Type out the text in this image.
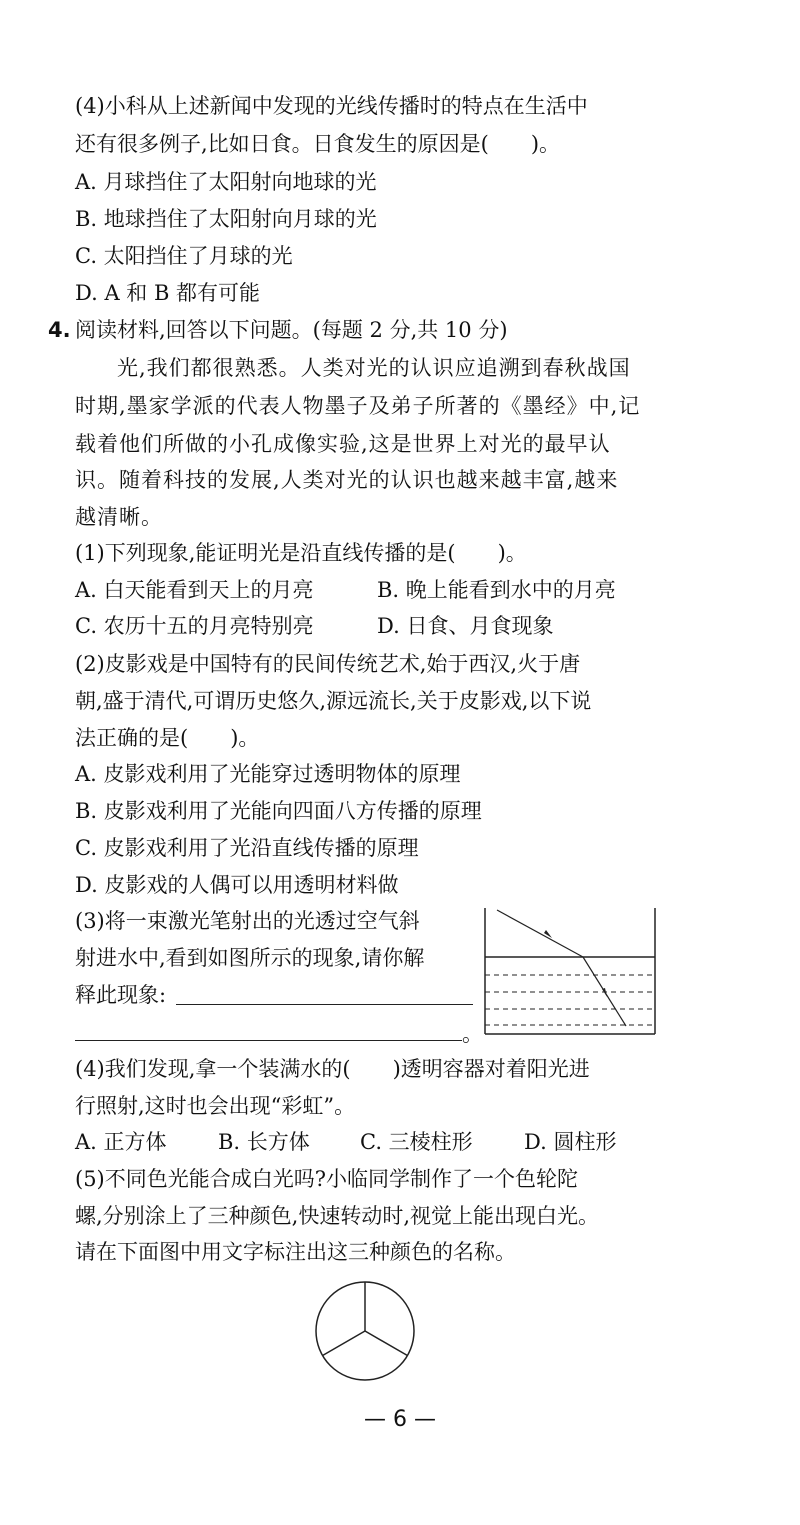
(4)小科从上述新闻中发现的光线传播时的特点在生活中
还有很多例子,比如日食。日食发生的原因是(　　)。
A. 月球挡住了太阳射向地球的光
B. 地球挡住了太阳射向月球的光
C. 太阳挡住了月球的光
D. A 和 B 都有可能
4. 阅读材料,回答以下问题。(每题 2 分,共 10 分)
光,我们都很熟悉。人类对光的认识应追溯到春秋战国
时期,墨家学派的代表人物墨子及弟子所著的《墨经》中,记
载着他们所做的小孔成像实验,这是世界上对光的最早认
识。随着科技的发展,人类对光的认识也越来越丰富,越来
越清晰。
(1)下列现象,能证明光是沿直线传播的是(　　)。
A. 白天能看到天上的月亮	B. 晚上能看到水中的月亮
C. 农历十五的月亮特别亮	D. 日食、月食现象
(2)皮影戏是中国特有的民间传统艺术,始于西汉,火于唐
朝,盛于清代,可谓历史悠久,源远流长,关于皮影戏,以下说
法正确的是(　　)。
A. 皮影戏利用了光能穿过透明物体的原理
B. 皮影戏利用了光能向四面八方传播的原理
C. 皮影戏利用了光沿直线传播的原理
D. 皮影戏的人偶可以用透明材料做
(3)将一束激光笔射出的光透过空气斜
射进水中,看到如图所示的现象,请你解
释此现象:
。
(4)我们发现,拿一个装满水的(　　)透明容器对着阳光进
行照射,这时也会出现“彩虹”。
A. 正方体 B. 长方体 C. 三棱柱形 D. 圆柱形
(5)不同色光能合成白光吗?小临同学制作了一个色轮陀
螺,分别涂上了三种颜色,快速转动时,视觉上能出现白光。
请在下面图中用文字标注出这三种颜色的名称。
— 6 —
